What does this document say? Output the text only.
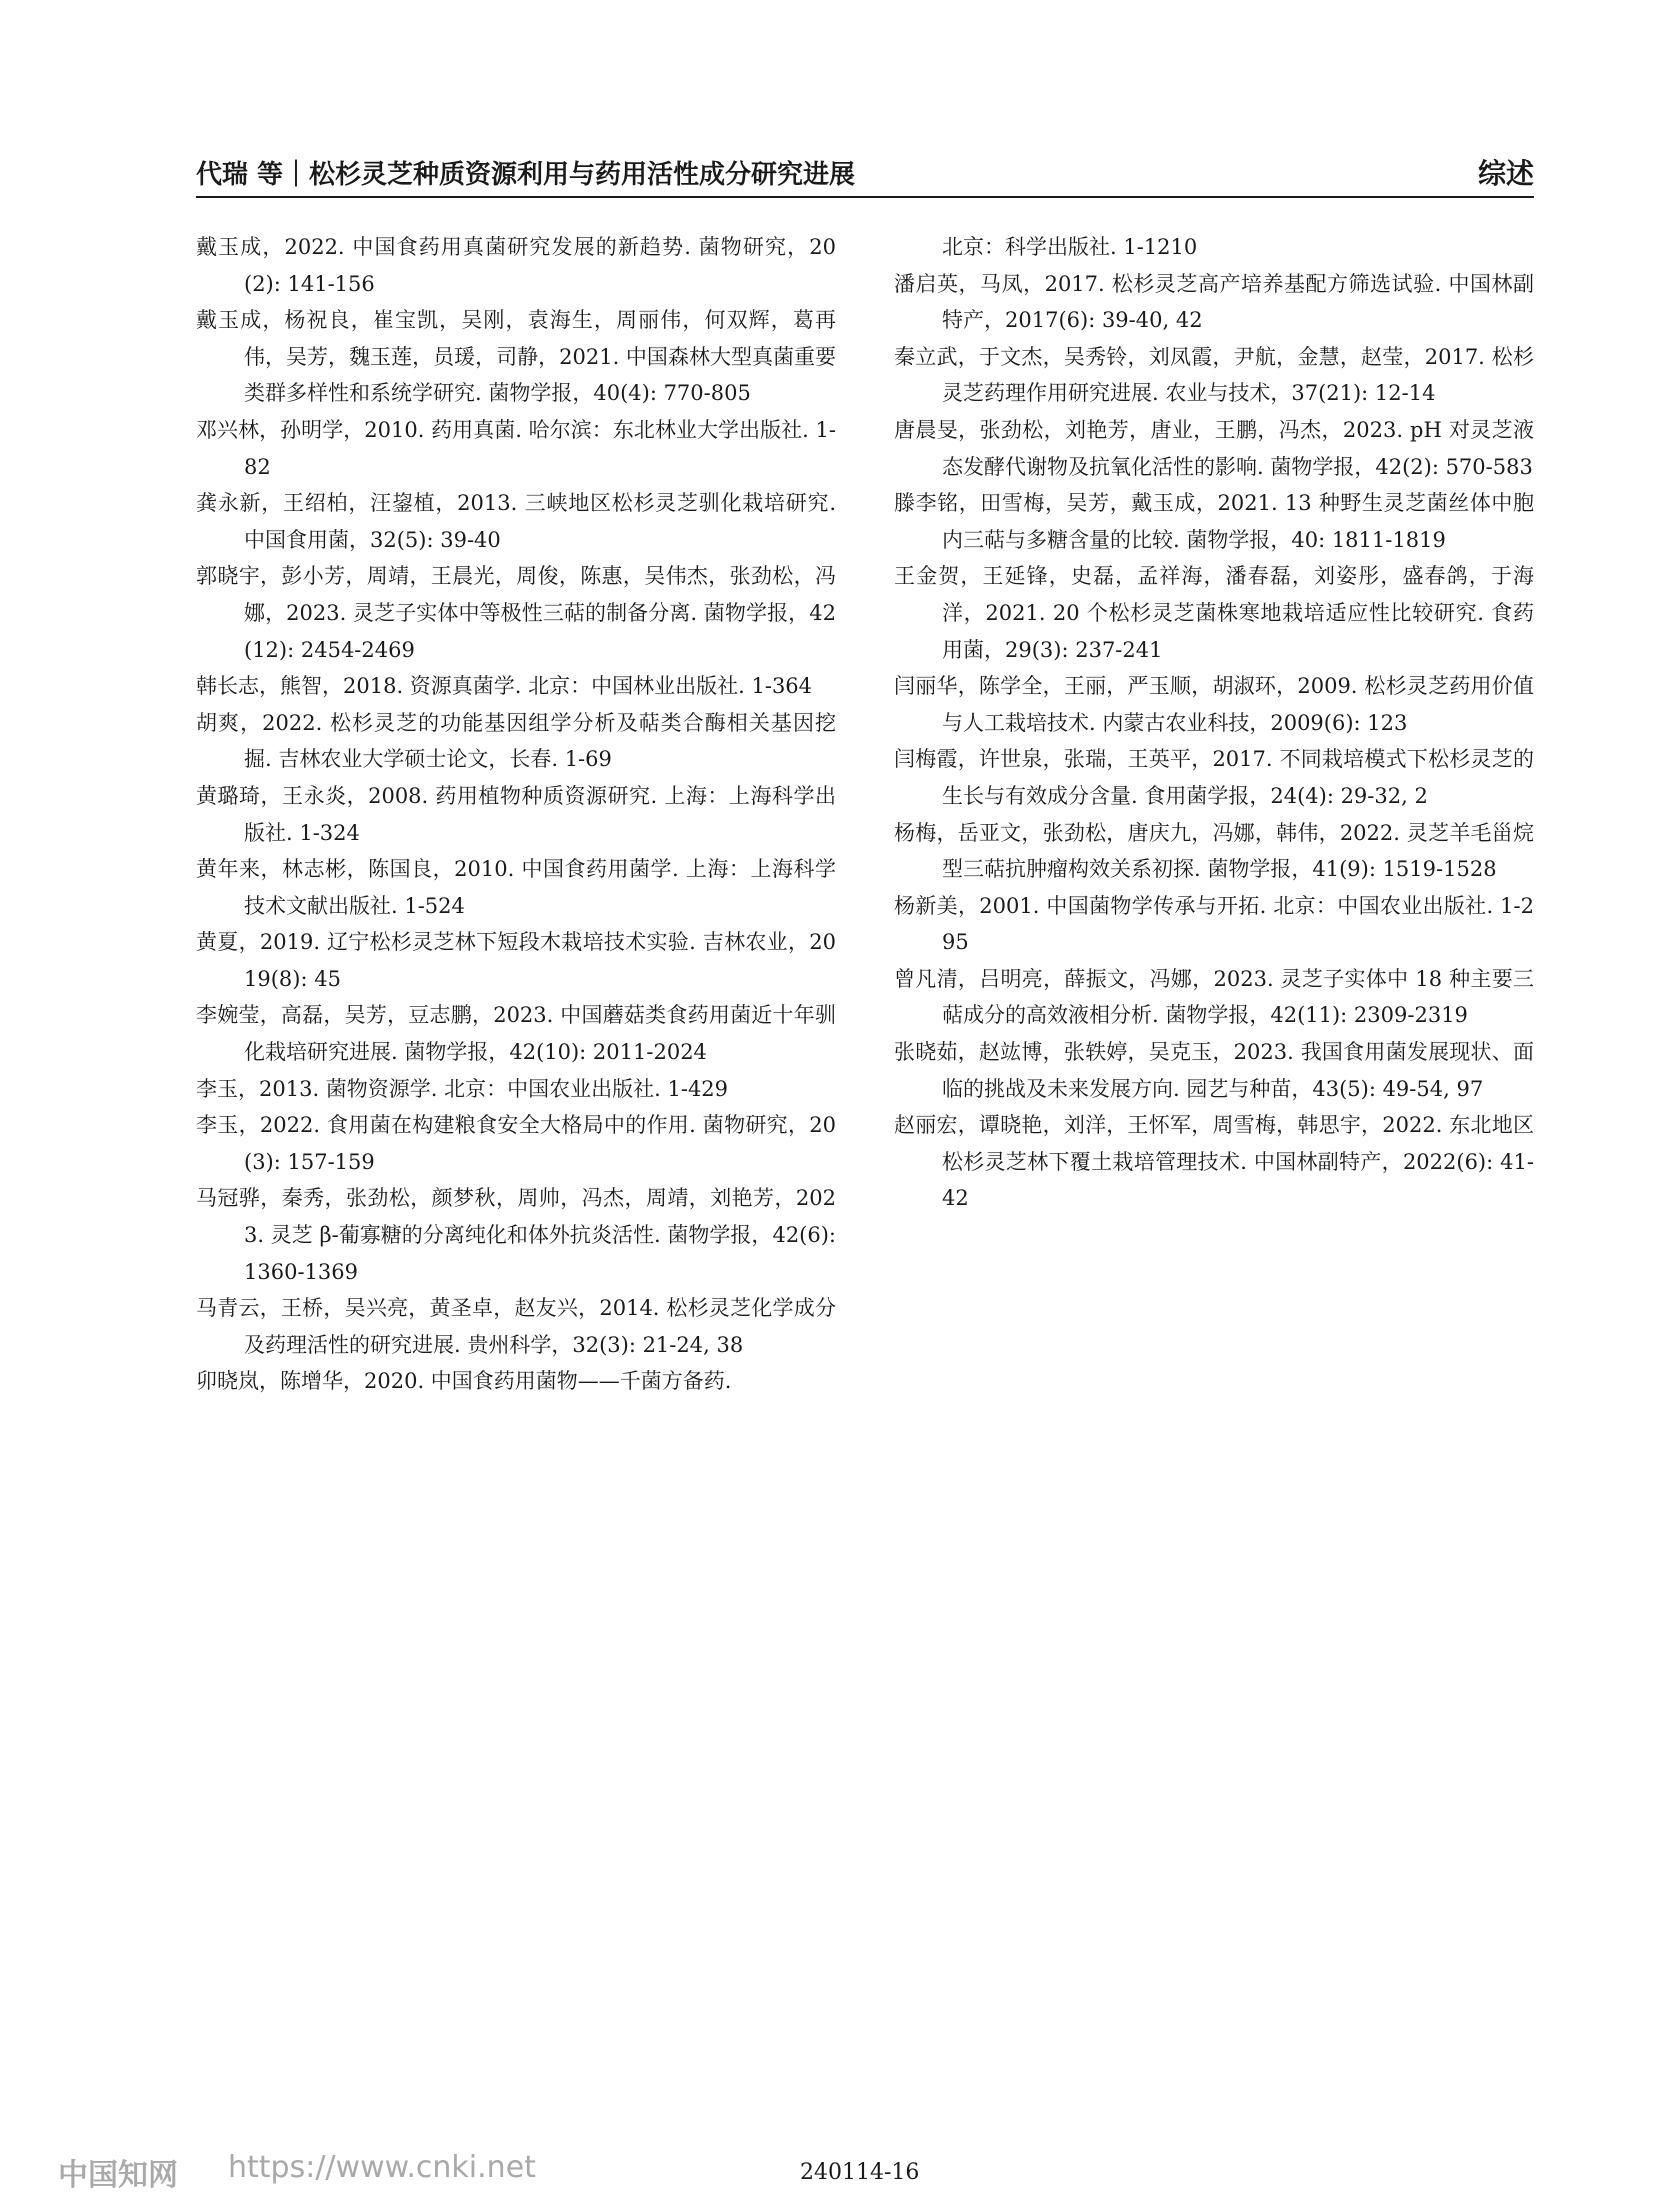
代瑞 等｜松杉灵芝种质资源利用与药用活性成分研究进展	综述
戴玉成，2022. 中国食药用真菌研究发展的新趋势. 菌物研究，20(2): 141-156
戴玉成，杨祝良，崔宝凯，吴刚，袁海生，周丽伟，何双辉，葛再伟，吴芳，魏玉莲，员瑗，司静，2021. 中国森林大型真菌重要类群多样性和系统学研究. 菌物学报，40(4): 770-805
邓兴林，孙明学，2010. 药用真菌. 哈尔滨：东北林业大学出版社. 1-82
龚永新，王绍柏，汪鋆植，2013. 三峡地区松杉灵芝驯化栽培研究. 中国食用菌，32(5): 39-40
郭晓宇，彭小芳，周靖，王晨光，周俊，陈惠，吴伟杰，张劲松，冯娜，2023. 灵芝子实体中等极性三萜的制备分离. 菌物学报，42(12): 2454-2469
韩长志，熊智，2018. 资源真菌学. 北京：中国林业出版社. 1-364
胡爽，2022. 松杉灵芝的功能基因组学分析及萜类合酶相关基因挖掘. 吉林农业大学硕士论文，长春. 1-69
黄璐琦，王永炎，2008. 药用植物种质资源研究. 上海：上海科学出版社. 1-324
黄年来，林志彬，陈国良，2010. 中国食药用菌学. 上海：上海科学技术文献出版社. 1-524
黄夏，2019. 辽宁松杉灵芝林下短段木栽培技术实验. 吉林农业，2019(8): 45
李婉莹，高磊，吴芳，豆志鹏，2023. 中国蘑菇类食药用菌近十年驯化栽培研究进展. 菌物学报，42(10): 2011-2024
李玉，2013. 菌物资源学. 北京：中国农业出版社. 1-429
李玉，2022. 食用菌在构建粮食安全大格局中的作用. 菌物研究，20(3): 157-159
马冠骅，秦秀，张劲松，颜梦秋，周帅，冯杰，周靖，刘艳芳，2023. 灵芝 β-葡寡糖的分离纯化和体外抗炎活性. 菌物学报，42(6): 1360-1369
马青云，王桥，吴兴亮，黄圣卓，赵友兴，2014. 松杉灵芝化学成分及药理活性的研究进展. 贵州科学，32(3): 21-24, 38
卯晓岚，陈增华，2020. 中国食药用菌物——千菌方备药.
北京：科学出版社. 1-1210
潘启英，马凤，2017. 松杉灵芝高产培养基配方筛选试验. 中国林副特产，2017(6): 39-40, 42
秦立武，于文杰，吴秀铃，刘凤霞，尹航，金慧，赵莹，2017. 松杉灵芝药理作用研究进展. 农业与技术，37(21): 12-14
唐晨旻，张劲松，刘艳芳，唐业，王鹏，冯杰，2023. pH 对灵芝液态发酵代谢物及抗氧化活性的影响. 菌物学报，42(2): 570-583
滕李铭，田雪梅，吴芳，戴玉成，2021. 13 种野生灵芝菌丝体中胞内三萜与多糖含量的比较. 菌物学报，40: 1811-1819
王金贺，王延锋，史磊，孟祥海，潘春磊，刘姿彤，盛春鸽，于海洋，2021. 20 个松杉灵芝菌株寒地栽培适应性比较研究. 食药用菌，29(3): 237-241
闫丽华，陈学全，王丽，严玉顺，胡淑环，2009. 松杉灵芝药用价值与人工栽培技术. 内蒙古农业科技，2009(6): 123
闫梅霞，许世泉，张瑞，王英平，2017. 不同栽培模式下松杉灵芝的生长与有效成分含量. 食用菌学报，24(4): 29-32, 2
杨梅，岳亚文，张劲松，唐庆九，冯娜，韩伟，2022. 灵芝羊毛甾烷型三萜抗肿瘤构效关系初探. 菌物学报，41(9): 1519-1528
杨新美，2001. 中国菌物学传承与开拓. 北京：中国农业出版社. 1-295
曾凡清，吕明亮，薛振文，冯娜，2023. 灵芝子实体中 18 种主要三萜成分的高效液相分析. 菌物学报，42(11): 2309-2319
张晓茹，赵竑博，张轶婷，吴克玉，2023. 我国食用菌发展现状、面临的挑战及未来发展方向. 园艺与种苗，43(5): 49-54, 97
赵丽宏，谭晓艳，刘洋，王怀军，周雪梅，韩思宇，2022. 东北地区松杉灵芝林下覆土栽培管理技术. 中国林副特产，2022(6): 41-42
中国知网 https://www.cnki.net	240114-16
